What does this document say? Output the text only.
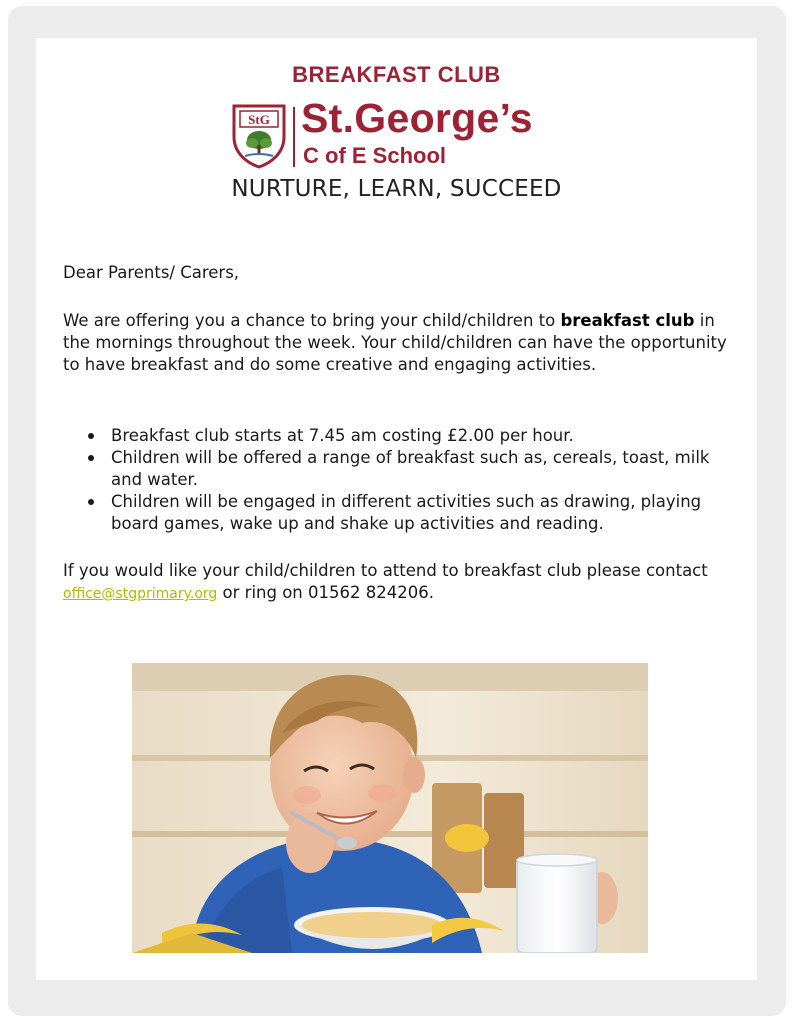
BREAKFAST CLUB
StG St.George’s
C of E School
NURTURE, LEARN, SUCCEED
Dear Parents/ Carers,
We are offering you a chance to bring your child/children to breakfast club in the mornings throughout the week. Your child/children can have the opportunity to have breakfast and do some creative and engaging activities.
Breakfast club starts at 7.45 am costing £2.00 per hour.
Children will be offered a range of breakfast such as, cereals, toast, milk and water.
Children will be engaged in different activities such as drawing, playing board games, wake up and shake up activities and reading.
If you would like your child/children to attend to breakfast club please contact office@stgprimary.org or ring on 01562 824206.
